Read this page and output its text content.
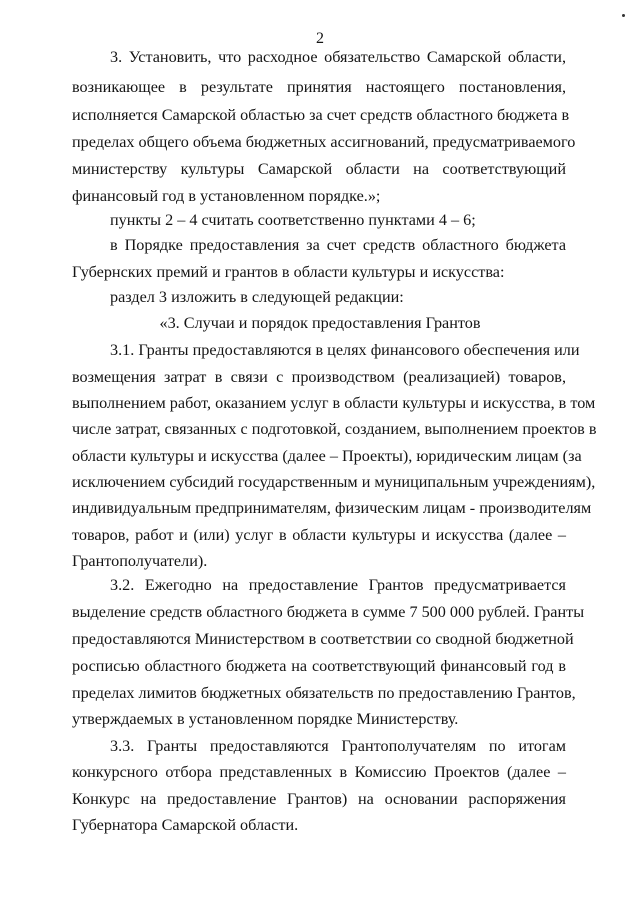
2
3. Установить, что расходное обязательство Самарской области,
возникающее в результате принятия настоящего постановления,
исполняется Самарской областью за счет средств областного бюджета в
пределах общего объема бюджетных ассигнований, предусматриваемого
министерству культуры Самарской области на соответствующий
финансовый год в установленном порядке.»;
пункты 2 – 4 считать соответственно пунктами 4 – 6;
в Порядке предоставления за счет средств областного бюджета
Губернских премий и грантов в области культуры и искусства:
раздел 3 изложить в следующей редакции:
«3. Случаи и порядок предоставления Грантов
3.1. Гранты предоставляются в целях финансового обеспечения или
возмещения затрат в связи с производством (реализацией) товаров,
выполнением работ, оказанием услуг в области культуры и искусства, в том
числе затрат, связанных с подготовкой, созданием, выполнением проектов в
области культуры и искусства (далее – Проекты), юридическим лицам (за
исключением субсидий государственным и муниципальным учреждениям),
индивидуальным предпринимателям, физическим лицам - производителям
товаров, работ и (или) услуг в области культуры и искусства (далее –
Грантополучатели).
3.2. Ежегодно на предоставление Грантов предусматривается
выделение средств областного бюджета в сумме 7 500 000 рублей. Гранты
предоставляются Министерством в соответствии со сводной бюджетной
росписью областного бюджета на соответствующий финансовый год в
пределах лимитов бюджетных обязательств по предоставлению Грантов,
утверждаемых в установленном порядке Министерству.
3.3. Гранты предоставляются Грантополучателям по итогам
конкурсного отбора представленных в Комиссию Проектов (далее –
Конкурс на предоставление Грантов) на основании распоряжения
Губернатора Самарской области.
